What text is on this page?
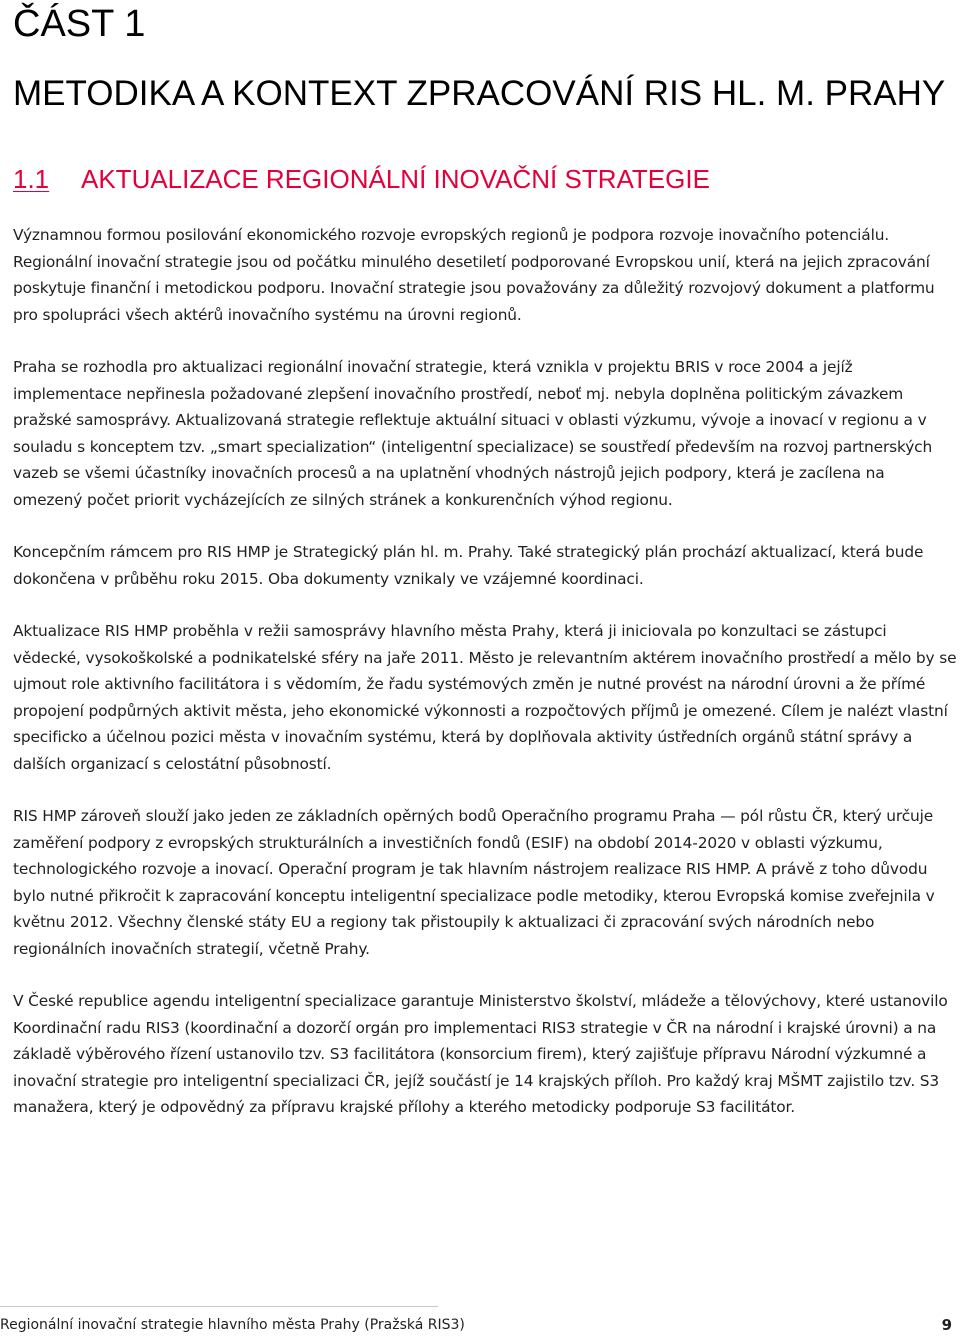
ČÁST 1
METODIKA A KONTEXT ZPRACOVÁNÍ RIS HL. M. PRAHY
1.1 AKTUALIZACE REGIONÁLNÍ INOVAČNÍ STRATEGIE

Významnou formou posilování ekonomického rozvoje evropských regionů je podpora rozvoje inovačního potenciálu. Regionální inovační strategie jsou od počátku minulého desetiletí podporované Evropskou unií, která na jejich zpracování poskytuje finanční i metodickou podporu. Inovační strategie jsou považovány za důležitý rozvojový dokument a platformu pro spolupráci všech aktérů inovačního systému na úrovni regionů.

Praha se rozhodla pro aktualizaci regionální inovační strategie, která vznikla v projektu BRIS v roce 2004 a jejíž implementace nepřinesla požadované zlepšení inovačního prostředí, neboť mj. nebyla doplněna politickým závazkem pražské samosprávy. Aktualizovaná strategie reflektuje aktuální situaci v oblasti výzkumu, vývoje a inovací v regionu a v souladu s konceptem tzv. „smart specialization“ (inteligentní specializace) se soustředí především na rozvoj partnerských vazeb se všemi účastníky inovačních procesů a na uplatnění vhodných nástrojů jejich podpory, která je zacílena na omezený počet priorit vycházejících ze silných stránek a konkurenčních výhod regionu.

Koncepčním rámcem pro RIS HMP je Strategický plán hl. m. Prahy. Také strategický plán prochází aktualizací, která bude dokončena v průběhu roku 2015. Oba dokumenty vznikaly ve vzájemné koordinaci.

Aktualizace RIS HMP proběhla v režii samosprávy hlavního města Prahy, která ji iniciovala po konzultaci se zástupci vědecké, vysokoškolské a podnikatelské sféry na jaře 2011. Město je relevantním aktérem inovačního prostředí a mělo by se ujmout role aktivního facilitátora i s vědomím, že řadu systémových změn je nutné provést na národní úrovni a že přímé propojení podpůrných aktivit města, jeho ekonomické výkonnosti a rozpočtových příjmů je omezené. Cílem je nalézt vlastní specificko a účelnou pozici města v inovačním systému, která by doplňovala aktivity ústředních orgánů státní správy a dalších organizací s celostátní působností.

RIS HMP zároveň slouží jako jeden ze základních opěrných bodů Operačního programu Praha — pól růstu ČR, který určuje zaměření podpory z evropských strukturálních a investičních fondů (ESIF) na období 2014-2020 v oblasti výzkumu, technologického rozvoje a inovací. Operační program je tak hlavním nástrojem realizace RIS HMP. A právě z toho důvodu bylo nutné přikročit k zapracování konceptu inteligentní specializace podle metodiky, kterou Evropská komise zveřejnila v květnu 2012. Všechny členské státy EU a regiony tak přistoupily k aktualizaci či zpracování svých národních nebo regionálních inovačních strategií, včetně Prahy.

V České republice agendu inteligentní specializace garantuje Ministerstvo školství, mládeže a tělovýchovy, které ustanovilo Koordinační radu RIS3 (koordinační a dozorčí orgán pro implementaci RIS3 strategie v ČR na národní i krajské úrovni) a na základě výběrového řízení ustanovilo tzv. S3 facilitátora (konsorcium firem), který zajišťuje přípravu Národní výzkumné a inovační strategie pro inteligentní specializaci ČR, jejíž součástí je 14 krajských příloh. Pro každý kraj MŠMT zajistilo tzv. S3 manažera, který je odpovědný za přípravu krajské přílohy a kterého metodicky podporuje S3 facilitátor.

Regionální inovační strategie hlavního města Prahy (Pražská RIS3)	9
